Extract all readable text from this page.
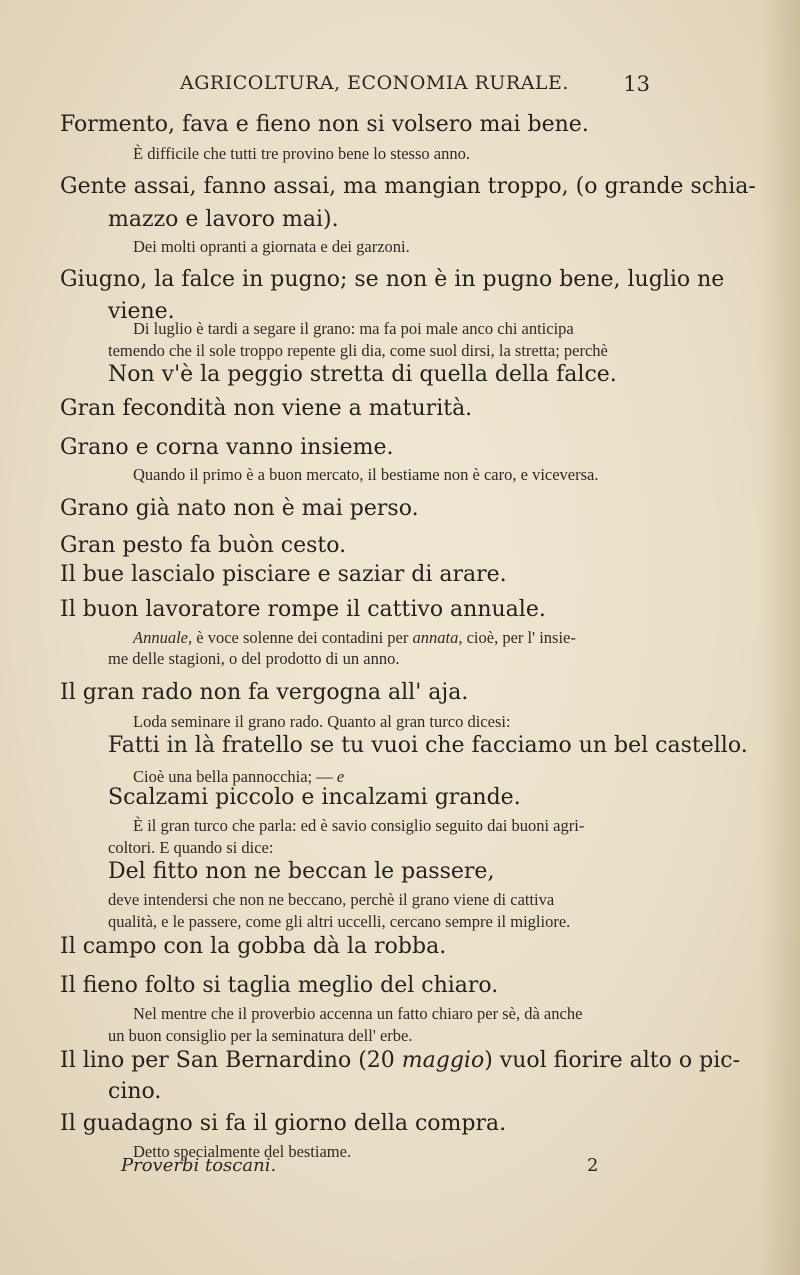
AGRICOLTURA, ECONOMIA RURALE.	13
Formento, fava e fieno non si volsero mai bene.
È difficile che tutti tre provino bene lo stesso anno.
Gente assai, fanno assai, ma mangian troppo, (o grande schia-
mazzo e lavoro mai).
Dei molti opranti a giornata e dei garzoni.
Giugno, la falce in pugno; se non è in pugno bene, luglio ne
viene.
Di luglio è tardi a segare il grano: ma fa poi male anco chi anticipa
temendo che il sole troppo repente gli dia, come suol dirsi, la stretta; perchè
Non v'è la peggio stretta di quella della falce.
Gran fecondità non viene a maturità.
Grano e corna vanno insieme.
Quando il primo è a buon mercato, il bestiame non è caro, e viceversa.
Grano già nato non è mai perso.
Gran pesto fa buòn cesto.
Il bue lascialo pisciare e saziar di arare.
Il buon lavoratore rompe il cattivo annuale.
Annuale, è voce solenne dei contadini per annata, cioè, per l' insie-
me delle stagioni, o del prodotto di un anno.
Il gran rado non fa vergogna all' aja.
Loda seminare il grano rado. Quanto al gran turco dicesi:
Fatti in là fratello se tu vuoi che facciamo un bel castello.
Cioè una bella pannocchia; — e
Scalzami piccolo e incalzami grande.
È il gran turco che parla: ed è savio consiglio seguito dai buoni agri-
coltori. E quando si dice:
Del fitto non ne beccan le passere,
deve intendersi che non ne beccano, perchè il grano viene di cattiva
qualità, e le passere, come gli altri uccelli, cercano sempre il migliore.
Il campo con la gobba dà la robba.
Il fieno folto si taglia meglio del chiaro.
Nel mentre che il proverbio accenna un fatto chiaro per sè, dà anche
un buon consiglio per la seminatura dell' erbe.
Il lino per San Bernardino (20 maggio) vuol fiorire alto o pic-
cino.
Il guadagno si fa il giorno della compra.
Detto specialmente del bestiame.
Proverbi toscani.	2
